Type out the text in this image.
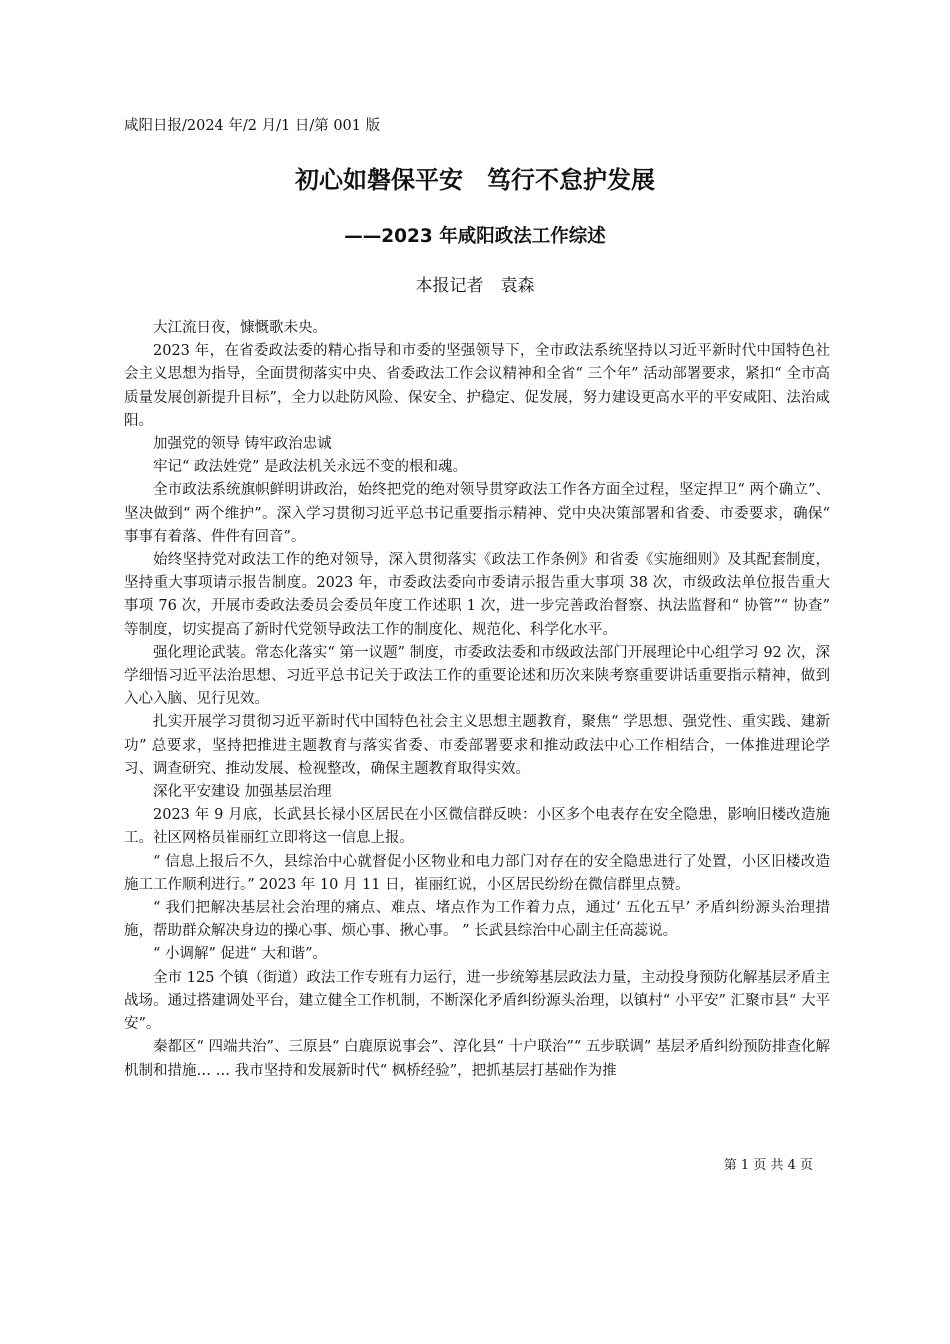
咸阳日报/2024 年/2 月/1 日/第 001 版
初心如磐保平安　笃行不怠护发展
——2023 年咸阳政法工作综述
本报记者　袁森

大江流日夜，慷慨歌未央。

2023 年，在省委政法委的精心指导和市委的坚强领导下，全市政法系统坚持以习近平新时代中国特色社会主义思想为指导，全面贯彻落实中央、省委政法工作会议精神和全省“ 三个年” 活动部署要求，紧扣“ 全市高质量发展创新提升目标”，全力以赴防风险、保安全、护稳定、促发展，努力建设更高水平的平安咸阳、法治咸阳。

加强党的领导 铸牢政治忠诚

牢记“ 政法姓党” 是政法机关永远不变的根和魂。

全市政法系统旗帜鲜明讲政治，始终把党的绝对领导贯穿政法工作各方面全过程，坚定捍卫“ 两个确立”、坚决做到“ 两个维护”。深入学习贯彻习近平总书记重要指示精神、党中央决策部署和省委、市委要求，确保“ 事事有着落、件件有回音”。

始终坚持党对政法工作的绝对领导，深入贯彻落实《政法工作条例》和省委《实施细则》及其配套制度，坚持重大事项请示报告制度。2023 年，市委政法委向市委请示报告重大事项 38 次，市级政法单位报告重大事项 76 次，开展市委政法委员会委员年度工作述职 1 次，进一步完善政治督察、执法监督和“ 协管”“ 协查” 等制度，切实提高了新时代党领导政法工作的制度化、规范化、科学化水平。

强化理论武装。常态化落实“ 第一议题” 制度，市委政法委和市级政法部门开展理论中心组学习 92 次，深学细悟习近平法治思想、习近平总书记关于政法工作的重要论述和历次来陕考察重要讲话重要指示精神，做到入心入脑、见行见效。

扎实开展学习贯彻习近平新时代中国特色社会主义思想主题教育，聚焦“ 学思想、强党性、重实践、建新功” 总要求，坚持把推进主题教育与落实省委、市委部署要求和推动政法中心工作相结合，一体推进理论学习、调查研究、推动发展、检视整改，确保主题教育取得实效。

深化平安建设 加强基层治理

2023 年 9 月底，长武县长禄小区居民在小区微信群反映：小区多个电表存在安全隐患，影响旧楼改造施工。社区网格员崔丽红立即将这一信息上报。

“ 信息上报后不久，县综治中心就督促小区物业和电力部门对存在的安全隐患进行了处置，小区旧楼改造施工工作顺利进行。” 2023 年 10 月 11 日，崔丽红说，小区居民纷纷在微信群里点赞。

“ 我们把解决基层社会治理的痛点、难点、堵点作为工作着力点，通过‘ 五化五早’ 矛盾纠纷源头治理措施，帮助群众解决身边的操心事、烦心事、揪心事。 ” 长武县综治中心副主任高蕊说。

“ 小调解” 促进“ 大和谐”。

全市 125 个镇（街道）政法工作专班有力运行，进一步统筹基层政法力量，主动投身预防化解基层矛盾主战场。通过搭建调处平台，建立健全工作机制，不断深化矛盾纠纷源头治理，以镇村“ 小平安” 汇聚市县“ 大平安”。

秦都区“ 四端共治”、三原县“ 白鹿原说事会”、淳化县“ 十户联治”“ 五步联调” 基层矛盾纠纷预防排查化解机制和措施… … 我市坚持和发展新时代“ 枫桥经验”，把抓基层打基础作为推

第 1 页 共 4 页
